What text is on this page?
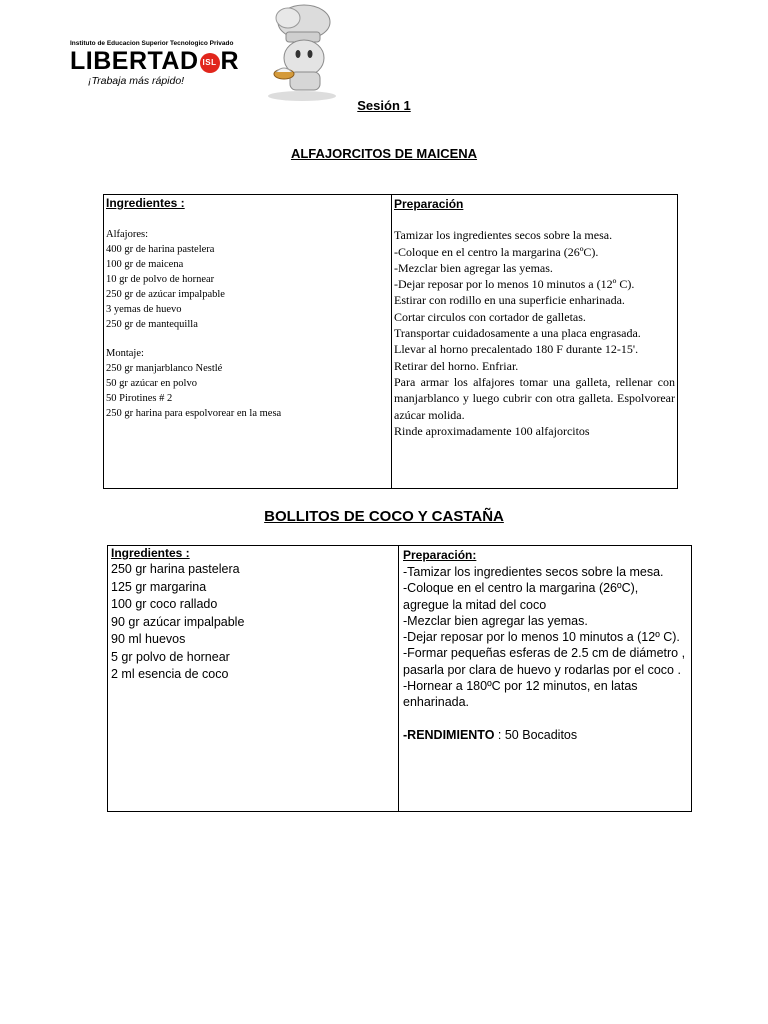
Instituto de Educacion Superior Tecnologico Privado
LIBERTAD ISL R
¡Trabaja más rápido!
Sesión 1
ALFAJORCITOS DE MAICENA
Ingredientes :
Alfajores:
400 gr de harina pastelera
100 gr de maicena
10 gr de polvo de hornear
250 gr de azúcar impalpable
3 yemas de huevo
250 gr de mantequilla
Montaje:
250 gr manjarblanco Nestlé
50 gr azúcar en polvo
50 Pirotines # 2
250 gr harina para espolvorear en la mesa

Preparación
Tamizar los ingredientes secos sobre la mesa.
-Coloque en el centro la margarina (26ºC).
-Mezclar bien agregar las yemas.
-Dejar reposar por lo menos 10 minutos a (12º C).
Estirar con rodillo en una superficie enharinada.
Cortar circulos con cortador de galletas.
Transportar cuidadosamente a una placa engrasada.
Llevar al horno precalentado 180 F durante 12-15'.
Retirar del horno. Enfriar.
Para armar los alfajores tomar una galleta, rellenar con manjarblanco y luego cubrir con otra galleta. Espolvorear azúcar molida.
Rinde aproximadamente 100 alfajorcitos
BOLLITOS DE COCO Y CASTAÑA
Ingredientes :
250 gr harina pastelera
125 gr margarina
100 gr coco rallado
90 gr azúcar impalpable
90 ml huevos
5 gr polvo de hornear
2 ml esencia de coco

Preparación:
-Tamizar los ingredientes secos sobre la mesa.
-Coloque en el centro la margarina (26ºC), agregue la mitad del coco
-Mezclar bien agregar las yemas.
-Dejar reposar por lo menos 10 minutos a (12º C).
-Formar pequeñas esferas de 2.5 cm de diámetro , pasarla por clara de huevo y rodarlas por el coco .
-Hornear a 180ºC por 12 minutos, en latas enharinada.
-RENDIMIENTO : 50 Bocaditos
